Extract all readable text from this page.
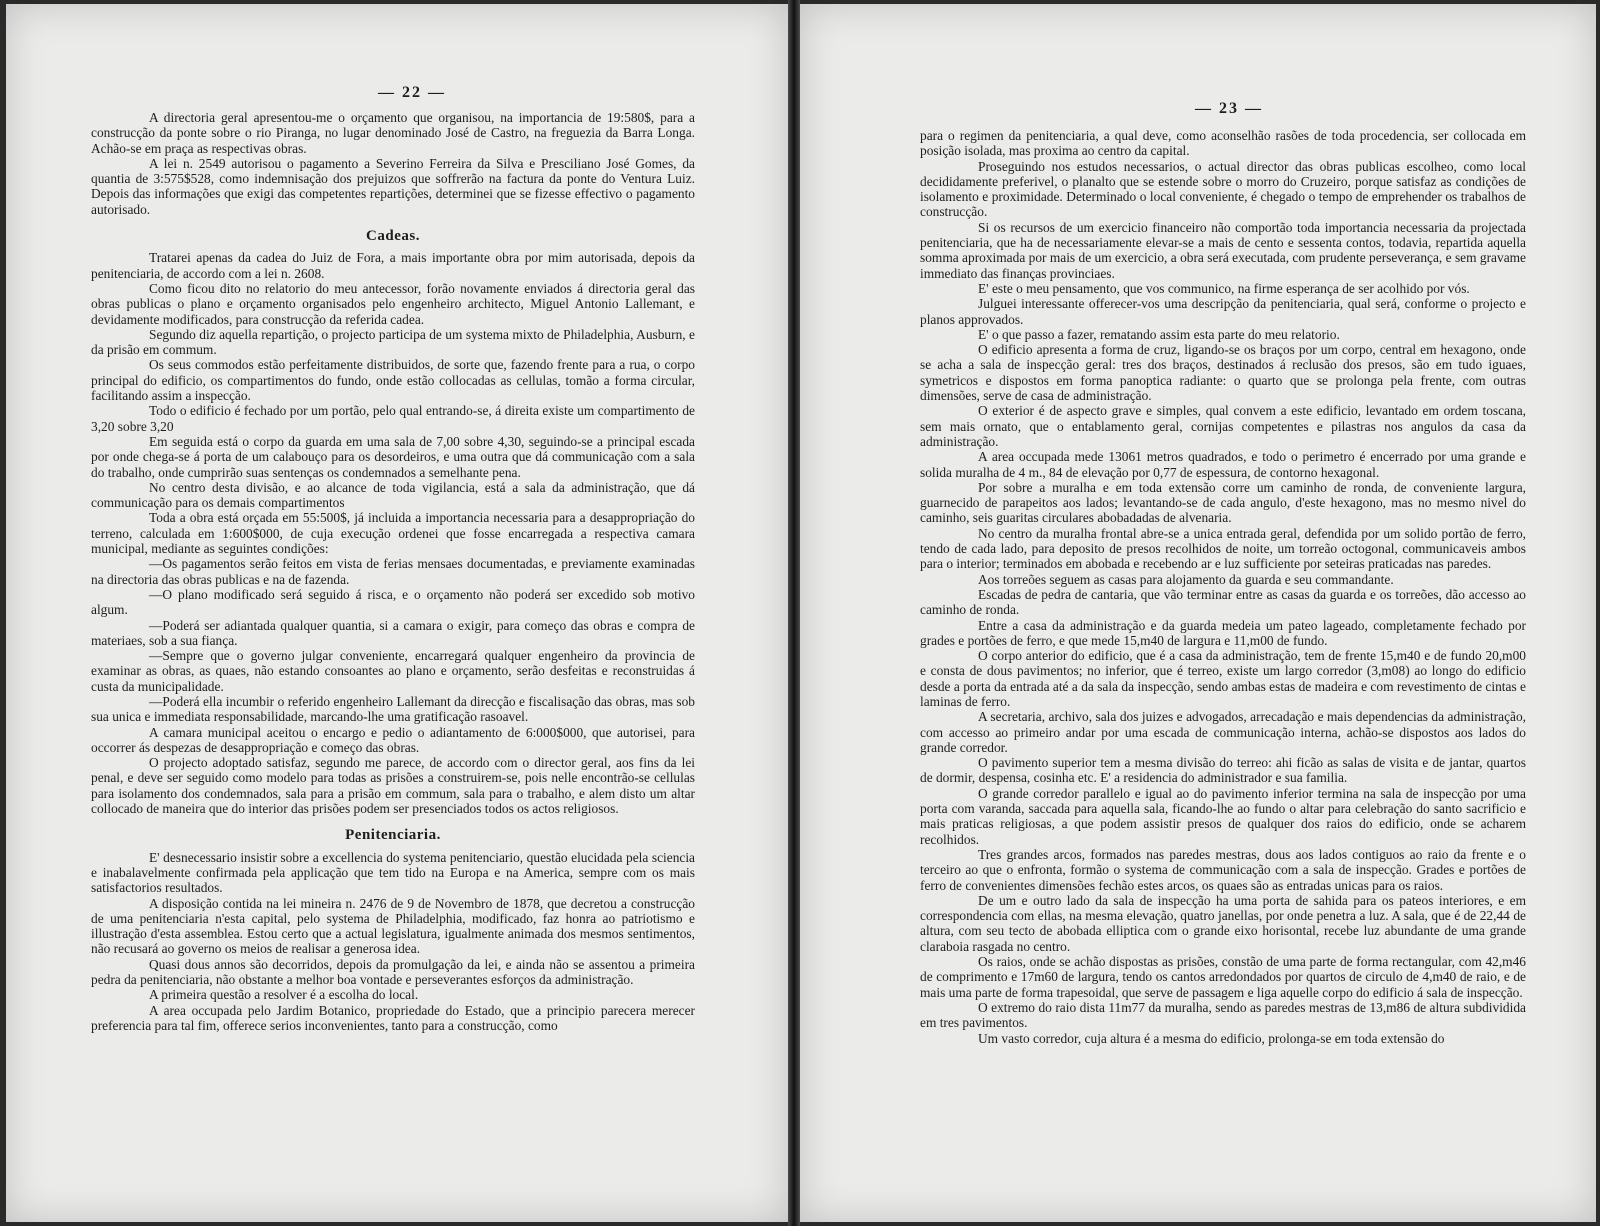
— 22 —

A directoria geral apresentou-me o orçamento que organisou, na importancia de 19:580$, para a construcção da ponte sobre o rio Piranga, no lugar denominado José de Castro, na freguezia da Barra Longa. Achão-se em praça as respectivas obras.

A lei n. 2549 autorisou o pagamento a Severino Ferreira da Silva e Presciliano José Gomes, da quantia de 3:575$528, como indemnisação dos prejuizos que soffrerão na factura da ponte do Ventura Luiz. Depois das informações que exigi das competentes repartições, determinei que se fizesse effectivo o pagamento autorisado.

Cadeas.

Tratarei apenas da cadea do Juiz de Fora, a mais importante obra por mim autorisada, depois da penitenciaria, de accordo com a lei n. 2608.

Como ficou dito no relatorio do meu antecessor, forão novamente enviados á directoria geral das obras publicas o plano e orçamento organisados pelo engenheiro architecto, Miguel Antonio Lallemant, e devidamente modificados, para construcção da referida cadea.

Segundo diz aquella repartição, o projecto participa de um systema mixto de Philadelphia, Ausburn, e da prisão em commum.

Os seus commodos estão perfeitamente distribuidos, de sorte que, fazendo frente para a rua, o corpo principal do edificio, os compartimentos do fundo, onde estão collocadas as cellulas, tomão a forma circular, facilitando assim a inspecção.

Todo o edificio é fechado por um portão, pelo qual entrando-se, á direita existe um compartimento de 3,20 sobre 3,20

Em seguida está o corpo da guarda em uma sala de 7,00 sobre 4,30, seguindo-se a principal escada por onde chega-se á porta de um calabouço para os desordeiros, e uma outra que dá communicação com a sala do trabalho, onde cumprirão suas sentenças os condemnados a semelhante pena.

No centro desta divisão, e ao alcance de toda vigilancia, está a sala da administração, que dá communicação para os demais compartimentos

Toda a obra está orçada em 55:500$, já incluida a importancia necessaria para a desappropriação do terreno, calculada em 1:600$000, de cuja execução ordenei que fosse encarregada a respectiva camara municipal, mediante as seguintes condições:

—Os pagamentos serão feitos em vista de ferias mensaes documentadas, e previamente examinadas na directoria das obras publicas e na de fazenda.

—O plano modificado será seguido á risca, e o orçamento não poderá ser excedido sob motivo algum.

—Poderá ser adiantada qualquer quantia, si a camara o exigir, para começo das obras e compra de materiaes, sob a sua fiança.

—Sempre que o governo julgar conveniente, encarregará qualquer engenheiro da provincia de examinar as obras, as quaes, não estando consoantes ao plano e orçamento, serão desfeitas e reconstruidas á custa da municipalidade.

—Poderá ella incumbir o referido engenheiro Lallemant da direcção e fiscalisação das obras, mas sob sua unica e immediata responsabilidade, marcando-lhe uma gratificação rasoavel.

A camara municipal aceitou o encargo e pedio o adiantamento de 6:000$000, que autorisei, para occorrer ás despezas de desappropriação e começo das obras.

O projecto adoptado satisfaz, segundo me parece, de accordo com o director geral, aos fins da lei penal, e deve ser seguido como modelo para todas as prisões a construirem-se, pois nelle encontrão-se cellulas para isolamento dos condemnados, sala para a prisão em commum, sala para o trabalho, e alem disto um altar collocado de maneira que do interior das prisões podem ser presenciados todos os actos religiosos.

Penitenciaria.

E' desnecessario insistir sobre a excellencia do systema penitenciario, questão elucidada pela sciencia e inabalavelmente confirmada pela applicação que tem tido na Europa e na America, sempre com os mais satisfactorios resultados.

A disposição contida na lei mineira n. 2476 de 9 de Novembro de 1878, que decretou a construcção de uma penitenciaria n'esta capital, pelo systema de Philadelphia, modificado, faz honra ao patriotismo e illustração d'esta assemblea. Estou certo que a actual legislatura, igualmente animada dos mesmos sentimentos, não recusará ao governo os meios de realisar a generosa idea.

Quasi dous annos são decorridos, depois da promulgação da lei, e ainda não se assentou a primeira pedra da penitenciaria, não obstante a melhor boa vontade e perseverantes esforços da administração.

A primeira questão a resolver é a escolha do local.

A area occupada pelo Jardim Botanico, propriedade do Estado, que a principio parecera merecer preferencia para tal fim, offerece serios inconvenientes, tanto para a construcção, como

— 23 —

para o regimen da penitenciaria, a qual deve, como aconselhão rasões de toda procedencia, ser collocada em posição isolada, mas proxima ao centro da capital.

Proseguindo nos estudos necessarios, o actual director das obras publicas escolheo, como local decididamente preferivel, o planalto que se estende sobre o morro do Cruzeiro, porque satisfaz as condições de isolamento e proximidade. Determinado o local conveniente, é chegado o tempo de emprehender os trabalhos de construcção.

Si os recursos de um exercicio financeiro não comportão toda importancia necessaria da projectada penitenciaria, que ha de necessariamente elevar-se a mais de cento e sessenta contos, todavia, repartida aquella somma aproximada por mais de um exercicio, a obra será executada, com prudente perseverança, e sem gravame immediato das finanças provinciaes.

E' este o meu pensamento, que vos communico, na firme esperança de ser acolhido por vós.

Julguei interessante offerecer-vos uma descripção da penitenciaria, qual será, conforme o projecto e planos approvados.

E' o que passo a fazer, rematando assim esta parte do meu relatorio.

O edificio apresenta a forma de cruz, ligando-se os braços por um corpo, central em hexagono, onde se acha a sala de inspecção geral: tres dos braços, destinados á reclusão dos presos, são em tudo iguaes, symetricos e dispostos em forma panoptica radiante: o quarto que se prolonga pela frente, com outras dimensões, serve de casa de administração.

O exterior é de aspecto grave e simples, qual convem a este edificio, levantado em ordem toscana, sem mais ornato, que o entablamento geral, cornijas competentes e pilastras nos angulos da casa da administração.

A area occupada mede 13061 metros quadrados, e todo o perimetro é encerrado por uma grande e solida muralha de 4 m., 84 de elevação por 0,77 de espessura, de contorno hexagonal.

Por sobre a muralha e em toda extensão corre um caminho de ronda, de conveniente largura, guarnecido de parapeitos aos lados; levantando-se de cada angulo, d'este hexagono, mas no mesmo nivel do caminho, seis guaritas circulares abobadadas de alvenaria.

No centro da muralha frontal abre-se a unica entrada geral, defendida por um solido portão de ferro, tendo de cada lado, para deposito de presos recolhidos de noite, um torreão octogonal, communicaveis ambos para o interior; terminados em abobada e recebendo ar e luz sufficiente por seteiras praticadas nas paredes.

Aos torreões seguem as casas para alojamento da guarda e seu commandante.

Escadas de pedra de cantaria, que vão terminar entre as casas da guarda e os torreões, dão accesso ao caminho de ronda.

Entre a casa da administração e da guarda medeia um pateo lageado, completamente fechado por grades e portões de ferro, e que mede 15,m40 de largura e 11,m00 de fundo.

O corpo anterior do edificio, que é a casa da administração, tem de frente 15,m40 e de fundo 20,m00 e consta de dous pavimentos; no inferior, que é terreo, existe um largo corredor (3,m08) ao longo do edificio desde a porta da entrada até a da sala da inspecção, sendo ambas estas de madeira e com revestimento de cintas e laminas de ferro.

A secretaria, archivo, sala dos juizes e advogados, arrecadação e mais dependencias da administração, com accesso ao primeiro andar por uma escada de communicação interna, achão-se dispostos aos lados do grande corredor.

O pavimento superior tem a mesma divisão do terreo: ahi ficão as salas de visita e de jantar, quartos de dormir, despensa, cosinha etc. E' a residencia do administrador e sua familia.

O grande corredor parallelo e igual ao do pavimento inferior termina na sala de inspecção por uma porta com varanda, saccada para aquella sala, ficando-lhe ao fundo o altar para celebração do santo sacrificio e mais praticas religiosas, a que podem assistir presos de qualquer dos raios do edificio, onde se acharem recolhidos.

Tres grandes arcos, formados nas paredes mestras, dous aos lados contiguos ao raio da frente e o terceiro ao que o enfronta, formão o systema de communicação com a sala de inspecção. Grades e portões de ferro de convenientes dimensões fechão estes arcos, os quaes são as entradas unicas para os raios.

De um e outro lado da sala de inspecção ha uma porta de sahida para os pateos interiores, e em correspondencia com ellas, na mesma elevação, quatro janellas, por onde penetra a luz. A sala, que é de 22,44 de altura, com seu tecto de abobada elliptica com o grande eixo horisontal, recebe luz abundante de uma grande claraboia rasgada no centro.

Os raios, onde se achão dispostas as prisões, constão de uma parte de forma rectangular, com 42,m46 de comprimento e 17m60 de largura, tendo os cantos arredondados por quartos de circulo de 4,m40 de raio, e de mais uma parte de forma trapesoidal, que serve de passagem e liga aquelle corpo do edificio á sala de inspecção.

O extremo do raio dista 11m77 da muralha, sendo as paredes mestras de 13,m86 de altura subdividida em tres pavimentos.

Um vasto corredor, cuja altura é a mesma do edificio, prolonga-se em toda extensão do
